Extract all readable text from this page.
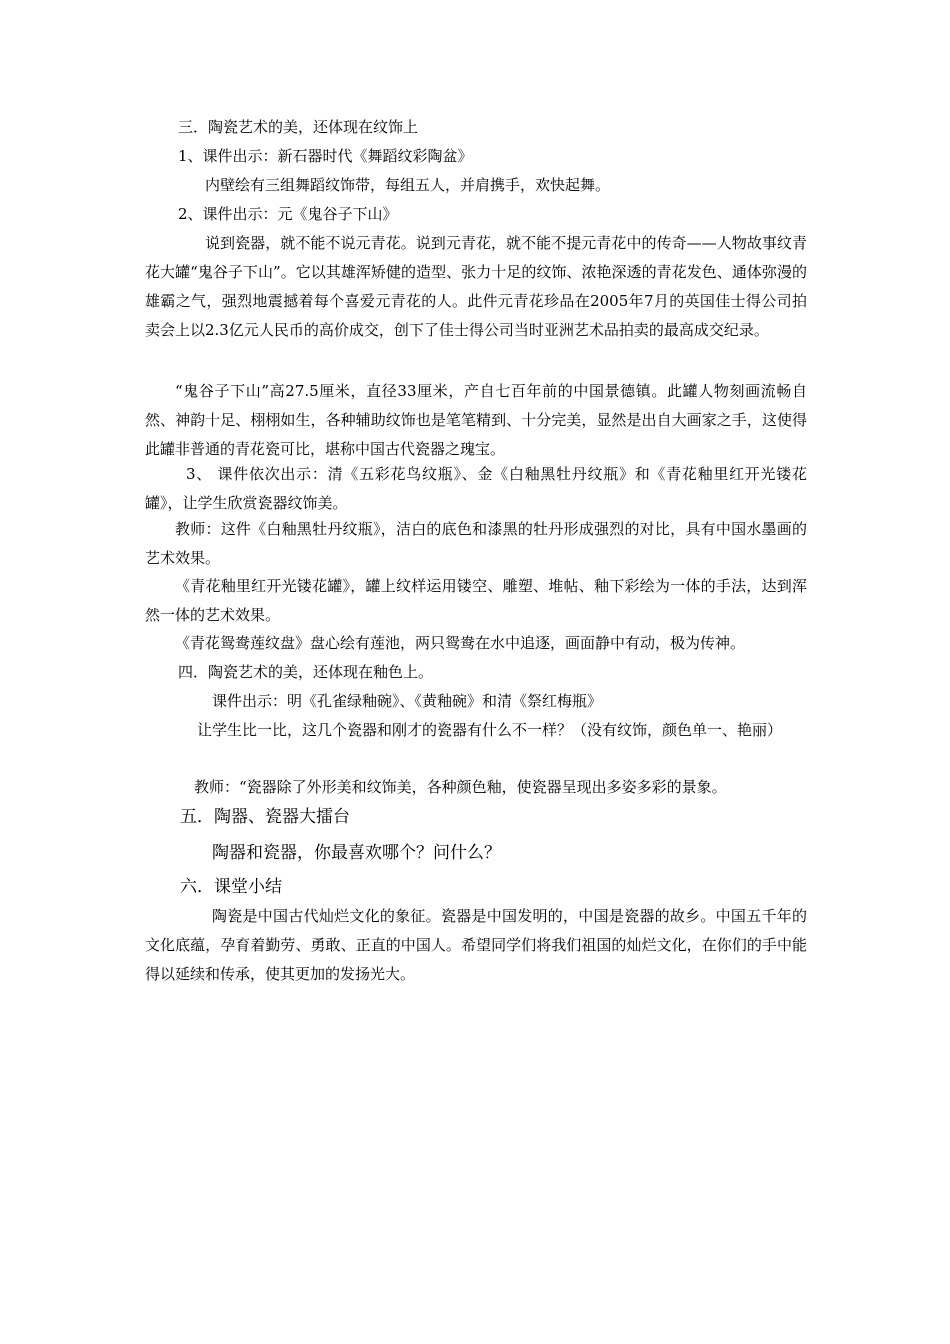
三．陶瓷艺术的美，还体现在纹饰上
1、课件出示：新石器时代《舞蹈纹彩陶盆》
内壁绘有三组舞蹈纹饰带，每组五人，并肩携手，欢快起舞。
2、课件出示：元《鬼谷子下山》
说到瓷器，就不能不说元青花。说到元青花，就不能不提元青花中的传奇——人物故事纹青花大罐“鬼谷子下山”。它以其雄浑矫健的造型、张力十足的纹饰、浓艳深透的青花发色、通体弥漫的雄霸之气，强烈地震撼着每个喜爱元青花的人。此件元青花珍品在2005年7月的英国佳士得公司拍卖会上以2.3亿元人民币的高价成交，创下了佳士得公司当时亚洲艺术品拍卖的最高成交纪录。
“鬼谷子下山”高27.5厘米，直径33厘米，产自七百年前的中国景德镇。此罐人物刻画流畅自然、神韵十足、栩栩如生，各种辅助纹饰也是笔笔精到、十分完美，显然是出自大画家之手，这使得此罐非普通的青花瓷可比，堪称中国古代瓷器之瑰宝。
3、 课件依次出示：清《五彩花鸟纹瓶》、金《白釉黑牡丹纹瓶》和《青花釉里红开光镂花罐》，让学生欣赏瓷器纹饰美。
教师：这件《白釉黑牡丹纹瓶》，洁白的底色和漆黑的牡丹形成强烈的对比，具有中国水墨画的艺术效果。
《青花釉里红开光镂花罐》，罐上纹样运用镂空、雕塑、堆帖、釉下彩绘为一体的手法，达到浑然一体的艺术效果。
《青花鸳鸯莲纹盘》盘心绘有莲池，两只鸳鸯在水中追逐，画面静中有动，极为传神。
四．陶瓷艺术的美，还体现在釉色上。
课件出示：明《孔雀绿釉碗》、《黄釉碗》和清《祭红梅瓶》
让学生比一比，这几个瓷器和刚才的瓷器有什么不一样？（没有纹饰，颜色单一、艳丽）
教师：“瓷器除了外形美和纹饰美，各种颜色釉，使瓷器呈现出多姿多彩的景象。
五．陶器、瓷器大擂台
陶器和瓷器，你最喜欢哪个？问什么？
六．课堂小结
陶瓷是中国古代灿烂文化的象征。瓷器是中国发明的，中国是瓷器的故乡。中国五千年的文化底蕴，孕育着勤劳、勇敢、正直的中国人。希望同学们将我们祖国的灿烂文化，在你们的手中能得以延续和传承，使其更加的发扬光大。
